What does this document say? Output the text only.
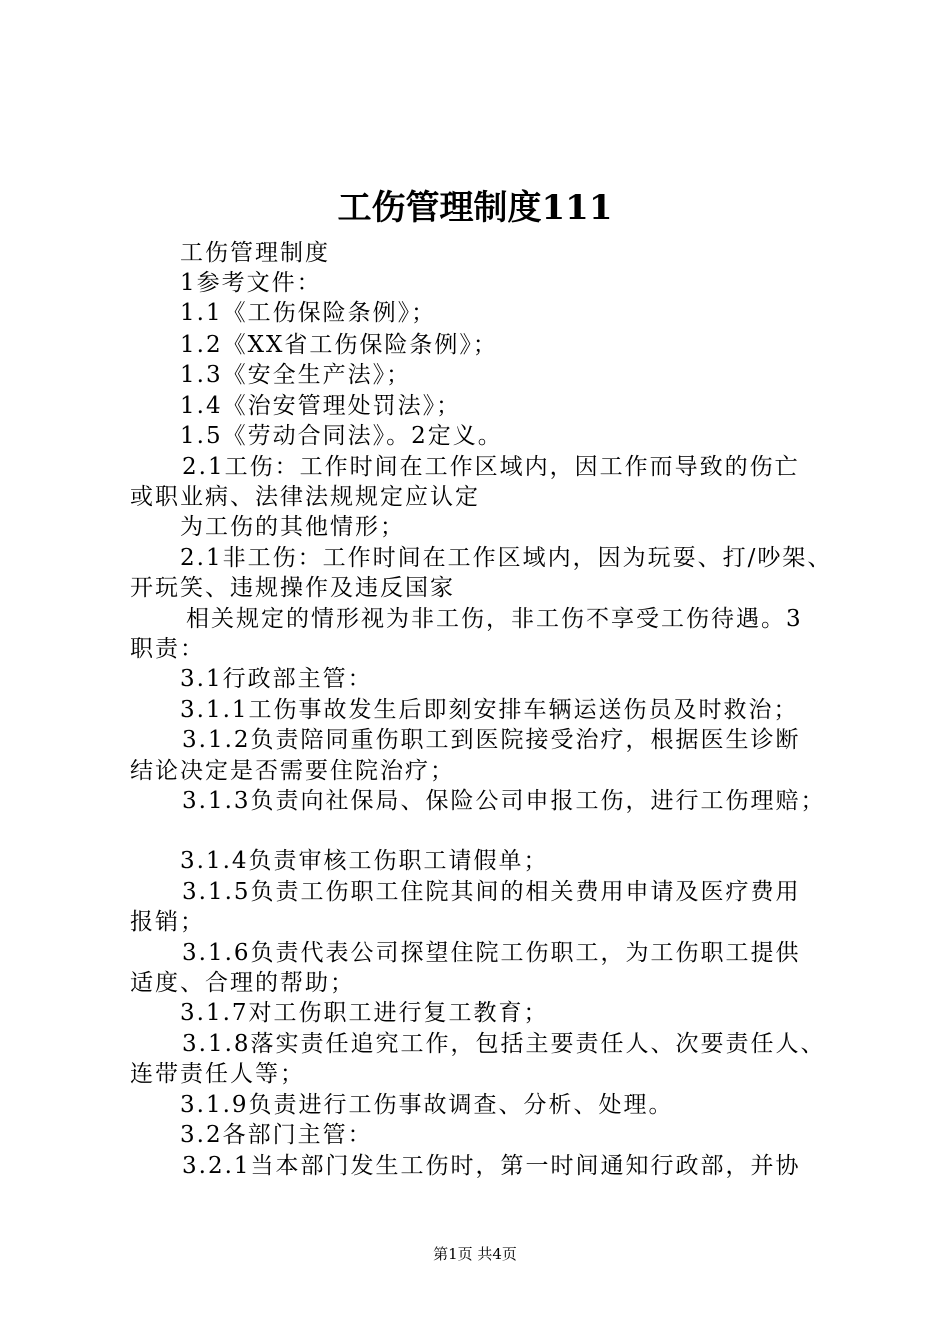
工伤管理制度111
工伤管理制度
1参考文件：
1.1《工伤保险条例》；
1.2《XX省工伤保险条例》；
1.3《安全生产法》；
1.4《治安管理处罚法》；
1.5《劳动合同法》。2定义。
2.1工伤：工作时间在工作区域内，因工作而导致的伤亡
或职业病、法律法规规定应认定
为工伤的其他情形；
2.1非工伤：工作时间在工作区域内，因为玩耍、打/吵架、
开玩笑、违规操作及违反国家
相关规定的情形视为非工伤，非工伤不享受工伤待遇。3
职责：
3.1行政部主管：
3.1.1工伤事故发生后即刻安排车辆运送伤员及时救治；
3.1.2负责陪同重伤职工到医院接受治疗，根据医生诊断
结论决定是否需要住院治疗；
3.1.3负责向社保局、保险公司申报工伤，进行工伤理赔；
3.1.4负责审核工伤职工请假单；
3.1.5负责工伤职工住院其间的相关费用申请及医疗费用
报销；
3.1.6负责代表公司探望住院工伤职工，为工伤职工提供
适度、合理的帮助；
3.1.7对工伤职工进行复工教育；
3.1.8落实责任追究工作，包括主要责任人、次要责任人、
连带责任人等；
3.1.9负责进行工伤事故调查、分析、处理。
3.2各部门主管：
3.2.1当本部门发生工伤时，第一时间通知行政部，并协
第1页 共4页
